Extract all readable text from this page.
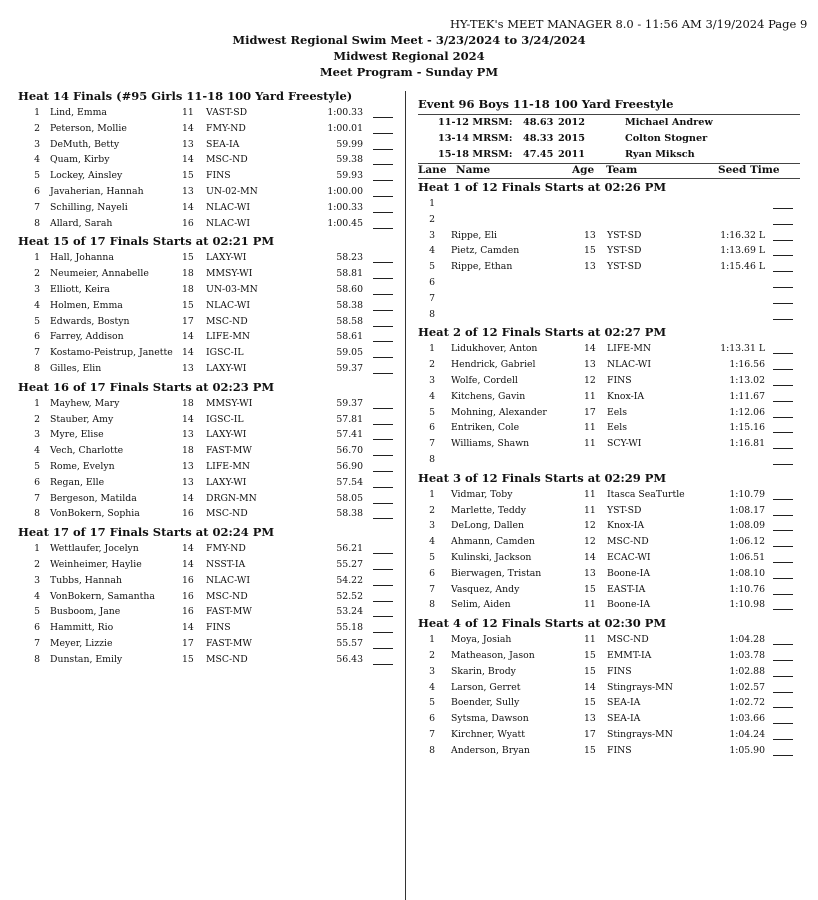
HY-TEK's MEET MANAGER 8.0 - 11:56 AM 3/19/2024 Page 9
Midwest Regional Swim Meet - 3/23/2024 to 3/24/2024
Midwest Regional 2024
Meet Program - Sunday PM
Heat 14 Finals (#95 Girls 11-18 100 Yard Freestyle)
1 Lind, Emma	11 VAST-SD	1:00.33
2 Peterson, Mollie	14 FMY-ND	1:00.01
3 DeMuth, Betty	13 SEA-IA	59.99
4 Quam, Kirby	14 MSC-ND	59.38
5 Lockey, Ainsley	15 FINS	59.93
6 Javaherian, Hannah	13 UN-02-MN	1:00.00
7 Schilling, Nayeli	14 NLAC-WI	1:00.33
8 Allard, Sarah	16 NLAC-WI	1:00.45
Heat 15 of 17 Finals Starts at 02:21 PM
1 Hall, Johanna	15 LAXY-WI	58.23
2 Neumeier, Annabelle	18 MMSY-WI	58.81
3 Elliott, Keira	18 UN-03-MN	58.60
4 Holmen, Emma	15 NLAC-WI	58.38
5 Edwards, Bostyn	17 MSC-ND	58.58
6 Farrey, Addison	14 LIFE-MN	58.61
7 Kostamo-Peistrup, Janette 14 IGSC-IL	59.05
8 Gilles, Elin	13 LAXY-WI	59.37
Heat 16 of 17 Finals Starts at 02:23 PM
1 Mayhew, Mary	18 MMSY-WI	59.37
2 Stauber, Amy	14 IGSC-IL	57.81
3 Myre, Elise	13 LAXY-WI	57.41
4 Vech, Charlotte	18 FAST-MW	56.70
5 Rome, Evelyn	13 LIFE-MN	56.90
6 Regan, Elle	13 LAXY-WI	57.54
7 Bergeson, Matilda	14 DRGN-MN	58.05
8 VonBokern, Sophia	16 MSC-ND	58.38
Heat 17 of 17 Finals Starts at 02:24 PM
1 Wettlaufer, Jocelyn	14 FMY-ND	56.21
2 Weinheimer, Haylie	14 NSST-IA	55.27
3 Tubbs, Hannah	16 NLAC-WI	54.22
4 VonBokern, Samantha	16 MSC-ND	52.52
5 Busboom, Jane	16 FAST-MW	53.24
6 Hammitt, Rio	14 FINS	55.18
7 Meyer, Lizzie	17 FAST-MW	55.57
8 Dunstan, Emily	15 MSC-ND	56.43
Event 96 Boys 11-18 100 Yard Freestyle
11-12 MRSM: 48.63 2012	Michael Andrew
13-14 MRSM: 48.33 2015	Colton Stogner
15-18 MRSM: 47.45 2011	Ryan Miksch
Lane Name	Age Team	Seed Time
Heat 1 of 12 Finals Starts at 02:26 PM
1
2
3 Rippe, Eli	13 YST-SD	1:16.32 L
4 Pietz, Camden	15 YST-SD	1:13.69 L
5 Rippe, Ethan	13 YST-SD	1:15.46 L
6
7
8
Heat 2 of 12 Finals Starts at 02:27 PM
1 Lidukhover, Anton	14 LIFE-MN	1:13.31 L
2 Hendrick, Gabriel	13 NLAC-WI	1:16.56
3 Wolfe, Cordell	12 FINS	1:13.02
4 Kitchens, Gavin	11 Knox-IA	1:11.67
5 Mohning, Alexander	17 Eels	1:12.06
6 Entriken, Cole	11 Eels	1:15.16
7 Williams, Shawn	11 SCY-WI	1:16.81
8
Heat 3 of 12 Finals Starts at 02:29 PM
1 Vidmar, Toby	11 Itasca SeaTurtle	1:10.79
2 Marlette, Teddy	11 YST-SD	1:08.17
3 DeLong, Dallen	12 Knox-IA	1:08.09
4 Ahmann, Camden	12 MSC-ND	1:06.12
5 Kulinski, Jackson	14 ECAC-WI	1:06.51
6 Bierwagen, Tristan	13 Boone-IA	1:08.10
7 Vasquez, Andy	15 EAST-IA	1:10.76
8 Selim, Aiden	11 Boone-IA	1:10.98
Heat 4 of 12 Finals Starts at 02:30 PM
1 Moya, Josiah	11 MSC-ND	1:04.28
2 Matheason, Jason	15 EMMT-IA	1:03.78
3 Skarin, Brody	15 FINS	1:02.88
4 Larson, Gerret	14 Stingrays-MN	1:02.57
5 Boender, Sully	15 SEA-IA	1:02.72
6 Sytsma, Dawson	13 SEA-IA	1:03.66
7 Kirchner, Wyatt	17 Stingrays-MN	1:04.24
8 Anderson, Bryan	15 FINS	1:05.90
